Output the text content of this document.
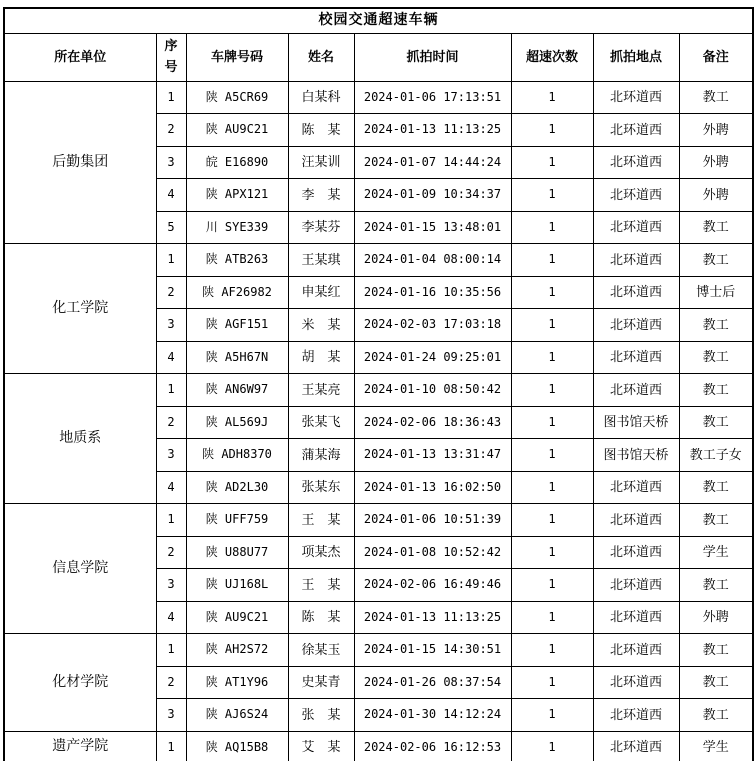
校园交通超速车辆							
所在单位	序号	车牌号码	姓名	抓拍时间	超速次数	抓拍地点	备注
后勤集团	1	陕 A5CR69	白某科	2024-01-06 17:13:51	1	北环道西	教工
	2	陕 AU9C21	陈　某	2024-01-13 11:13:25	1	北环道西	外聘
	3	皖 E16890	汪某训	2024-01-07 14:44:24	1	北环道西	外聘
	4	陕 APX121	李　某	2024-01-09 10:34:37	1	北环道西	外聘
	5	川 SYE339	李某芬	2024-01-15 13:48:01	1	北环道西	教工
化工学院	1	陕 ATB263	王某琪	2024-01-04 08:00:14	1	北环道西	教工
	2	陕 AF26982	申某红	2024-01-16 10:35:56	1	北环道西	博士后
	3	陕 AGF151	米　某	2024-02-03 17:03:18	1	北环道西	教工
	4	陕 A5H67N	胡　某	2024-01-24 09:25:01	1	北环道西	教工
地质系	1	陕 AN6W97	王某亮	2024-01-10 08:50:42	1	北环道西	教工
	2	陕 AL569J	张某飞	2024-02-06 18:36:43	1	图书馆天桥	教工
	3	陕 ADH8370	蒲某海	2024-01-13 13:31:47	1	图书馆天桥	教工子女
	4	陕 AD2L30	张某东	2024-01-13 16:02:50	1	北环道西	教工
信息学院	1	陕 UFF759	王　某	2024-01-06 10:51:39	1	北环道西	教工
	2	陕 U88U77	项某杰	2024-01-08 10:52:42	1	北环道西	学生
	3	陕 UJ168L	王　某	2024-02-06 16:49:46	1	北环道西	教工
	4	陕 AU9C21	陈　某	2024-01-13 11:13:25	1	北环道西	外聘
化材学院	1	陕 AH2S72	徐某玉	2024-01-15 14:30:51	1	北环道西	教工
	2	陕 AT1Y96	史某青	2024-01-26 08:37:54	1	北环道西	教工
	3	陕 AJ6S24	张　某	2024-01-30 14:12:24	1	北环道西	教工
遗产学院	1	陕 AQ15B8	艾　某	2024-02-06 16:12:53	1	北环道西	学生
